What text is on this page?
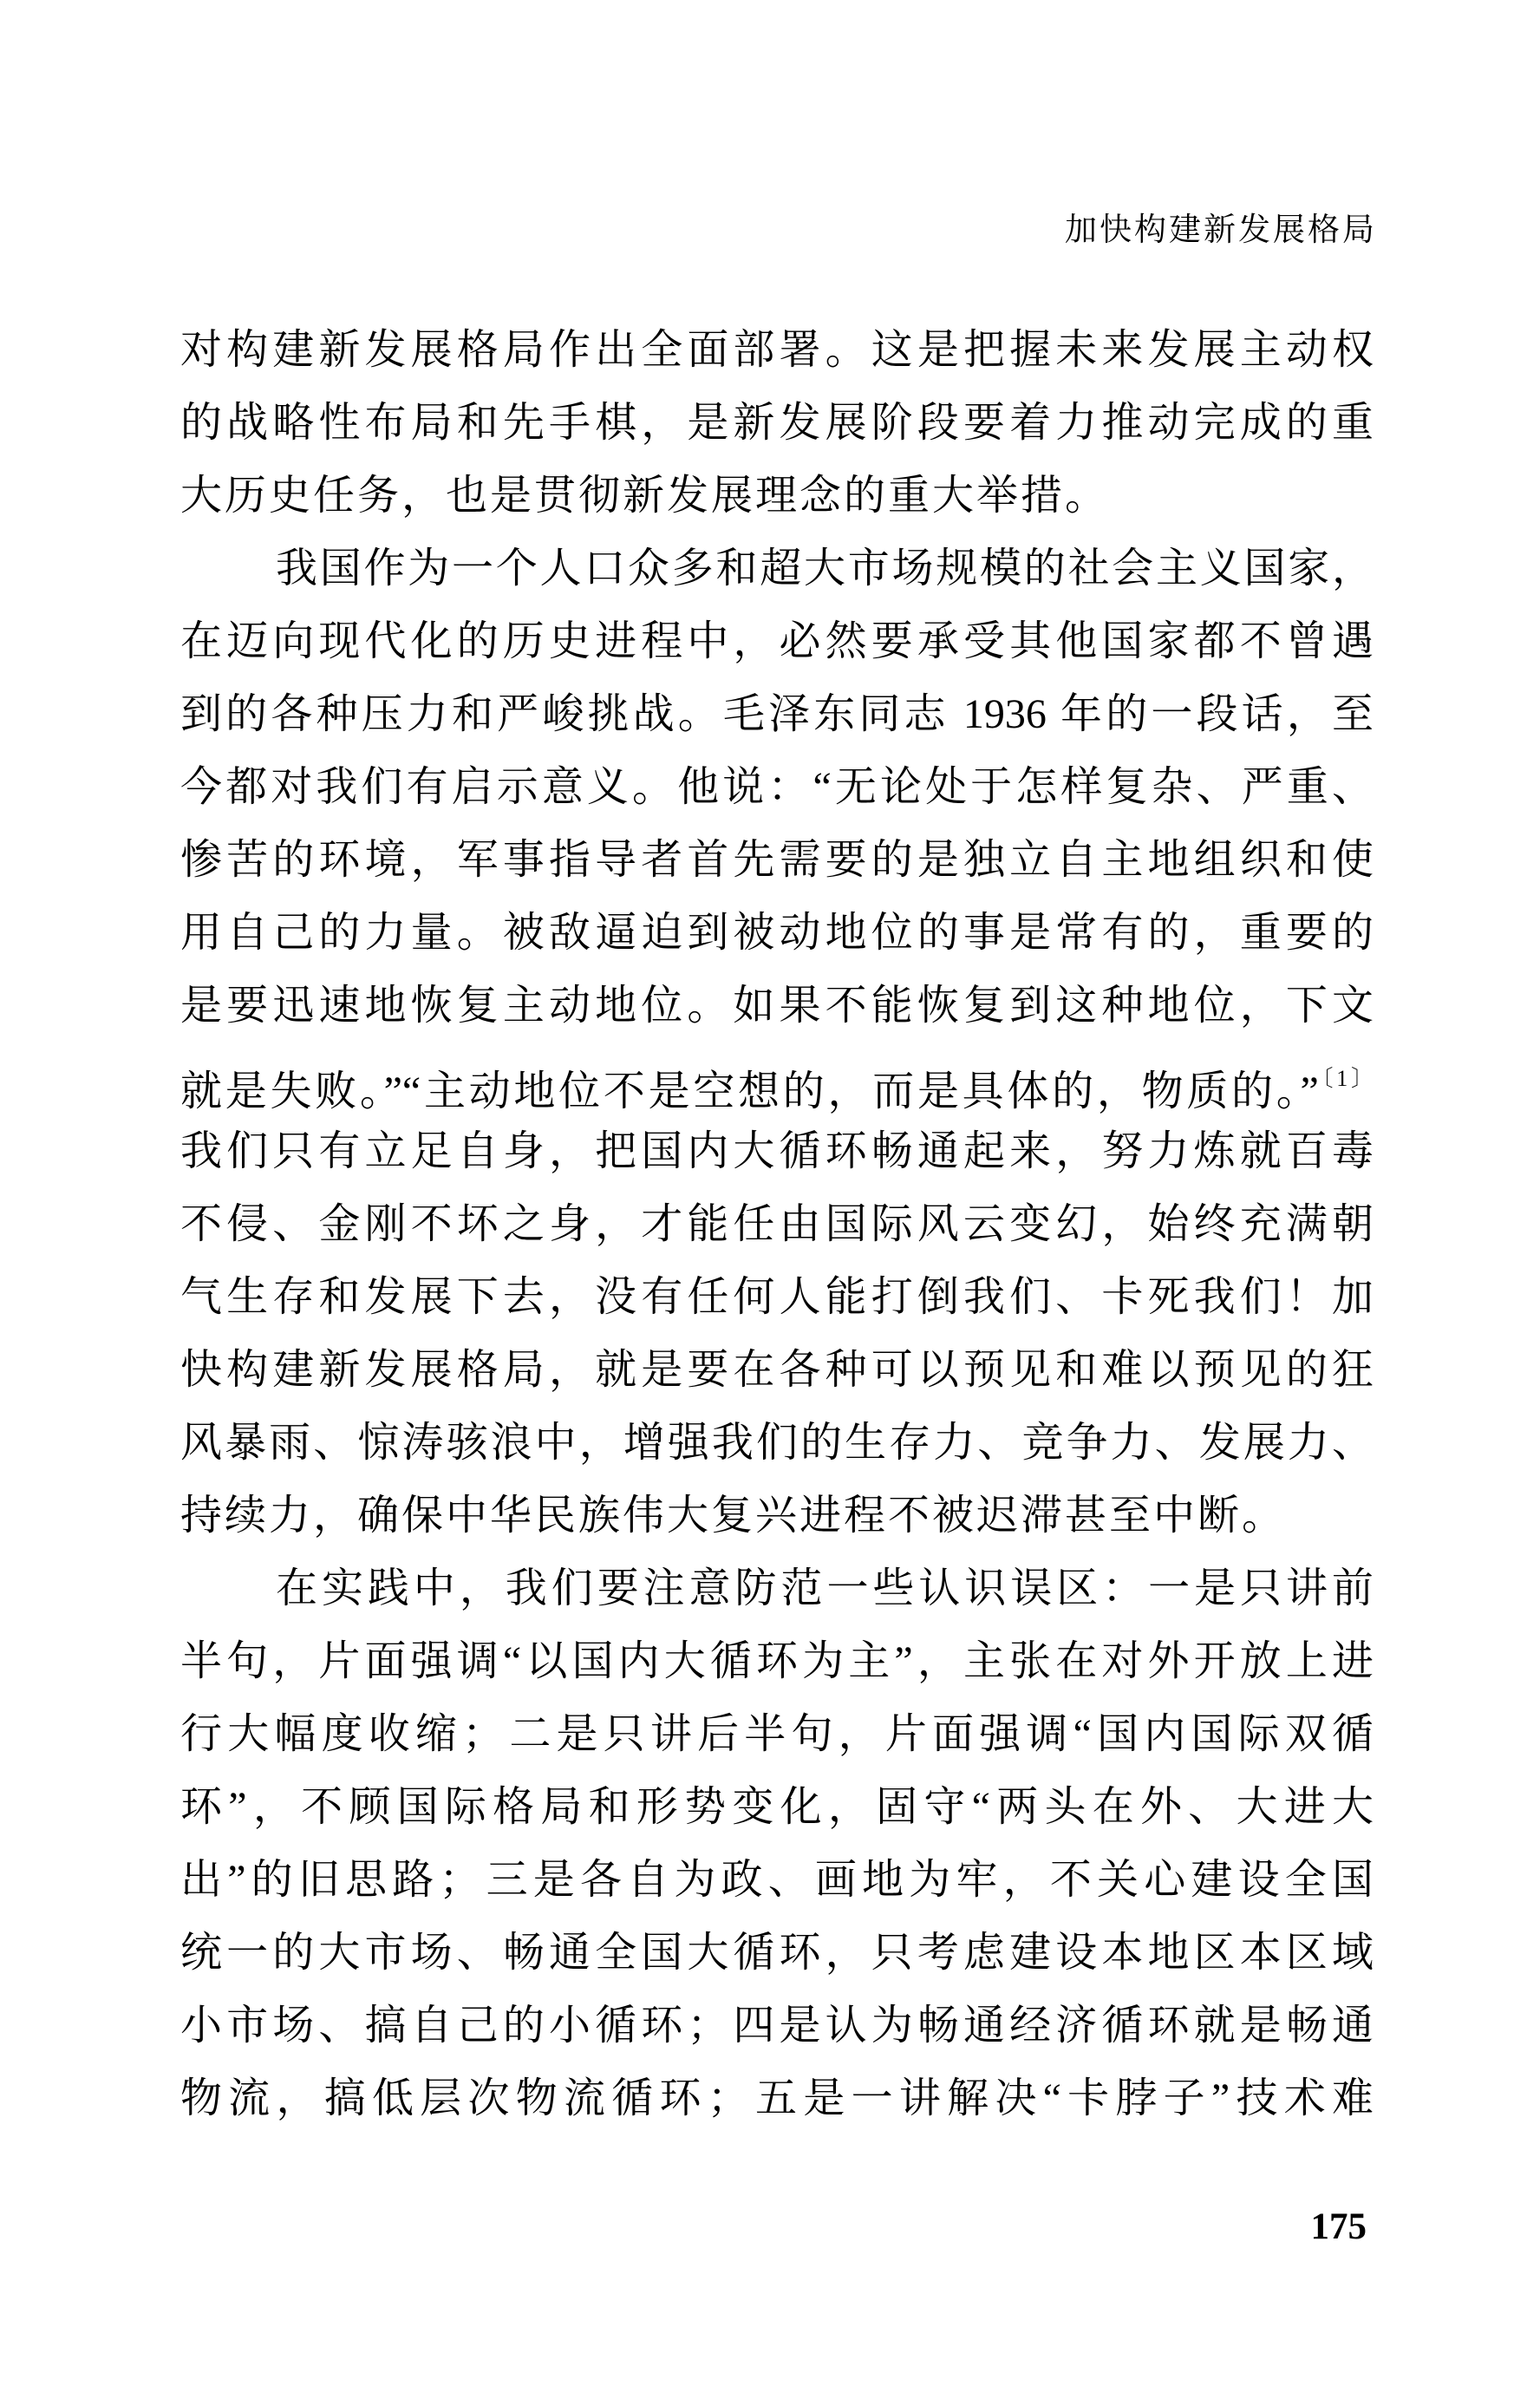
加快构建新发展格局
对构建新发展格局作出全面部署。这是把握未来发展主动权
的战略性布局和先手棋，是新发展阶段要着力推动完成的重
大历史任务，也是贯彻新发展理念的重大举措。
我国作为一个人口众多和超大市场规模的社会主义国家，
在迈向现代化的历史进程中，必然要承受其他国家都不曾遇
到的各种压力和严峻挑战。毛泽东同志 1936 年的一段话，至
今都对我们有启示意义。他说：“无论处于怎样复杂、严重、
惨苦的环境，军事指导者首先需要的是独立自主地组织和使
用自己的力量。被敌逼迫到被动地位的事是常有的，重要的
是要迅速地恢复主动地位。如果不能恢复到这种地位，下文
就是失败。”“主动地位不是空想的，而是具体的，物质的。”$^{〔1〕}$
我们只有立足自身，把国内大循环畅通起来，努力炼就百毒
不侵、金刚不坏之身，才能任由国际风云变幻，始终充满朝
气生存和发展下去，没有任何人能打倒我们、卡死我们！加
快构建新发展格局，就是要在各种可以预见和难以预见的狂
风暴雨、惊涛骇浪中，增强我们的生存力、竞争力、发展力、
持续力，确保中华民族伟大复兴进程不被迟滞甚至中断。
在实践中，我们要注意防范一些认识误区：一是只讲前
半句，片面强调“以国内大循环为主”，主张在对外开放上进
行大幅度收缩；二是只讲后半句，片面强调“国内国际双循
环”，不顾国际格局和形势变化，固守“两头在外、大进大
出”的旧思路；三是各自为政、画地为牢，不关心建设全国
统一的大市场、畅通全国大循环，只考虑建设本地区本区域
小市场、搞自己的小循环；四是认为畅通经济循环就是畅通
物流，搞低层次物流循环；五是一讲解决“卡脖子”技术难
175
